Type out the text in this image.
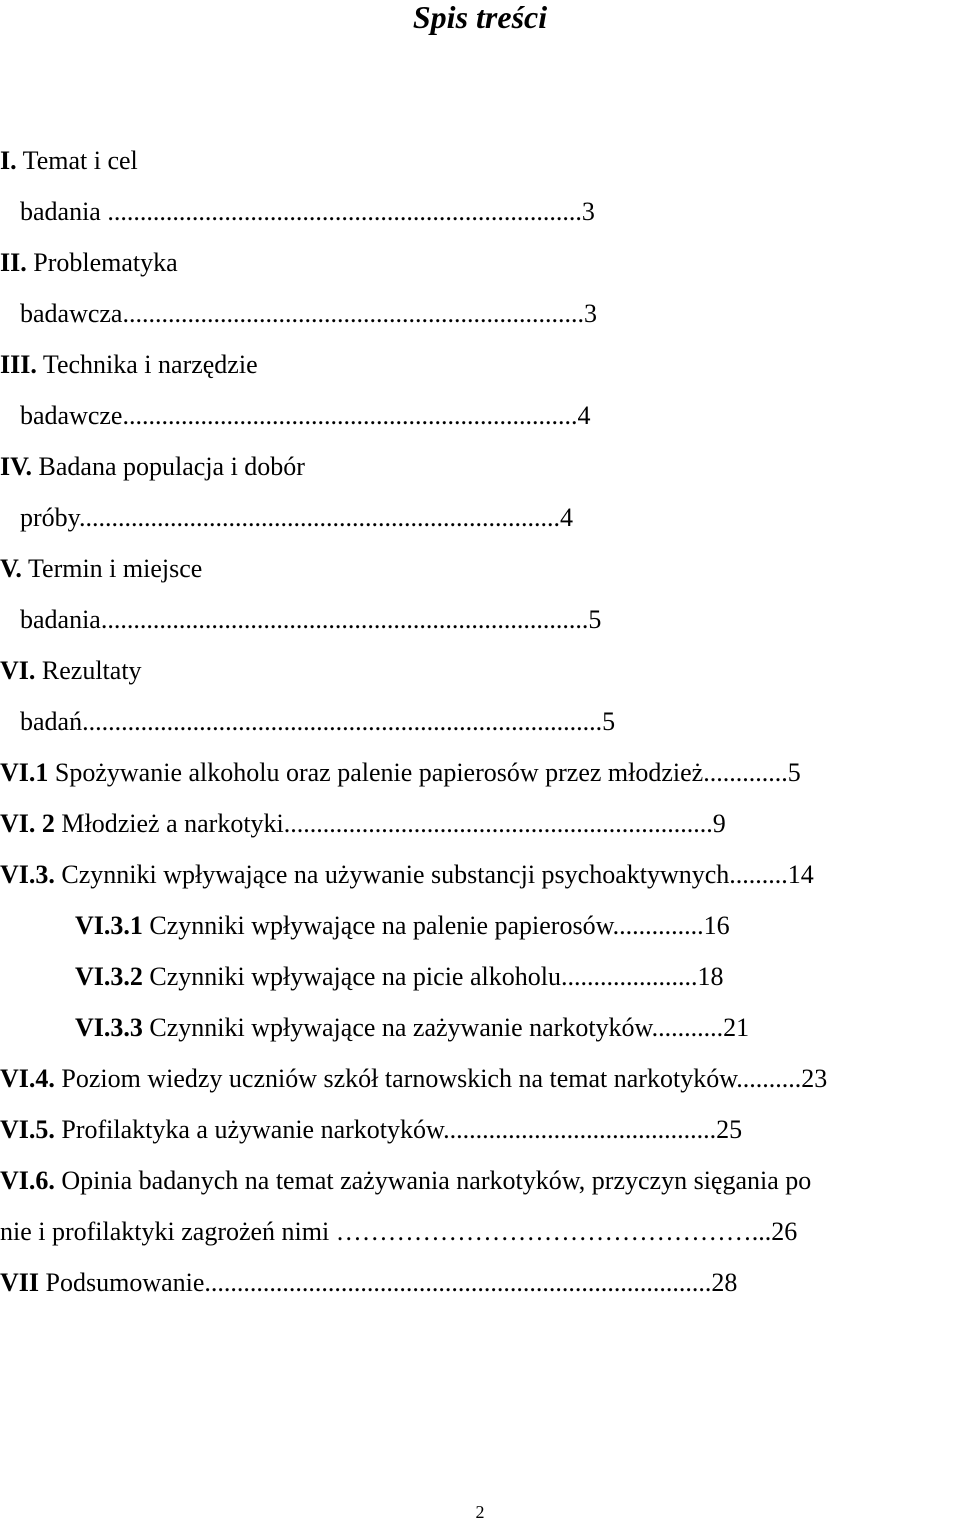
Spis treści
I. Temat i cel
badania .........................................................................3
II. Problematyka
badawcza.......................................................................3
III. Technika i narzędzie
badawcze......................................................................4
IV. Badana populacja i dobór
próby..........................................................................4
V. Termin i miejsce
badania...........................................................................5
VI. Rezultaty
badań................................................................................5
VI.1 Spożywanie alkoholu oraz palenie papierosów przez młodzież.............5
VI. 2 Młodzież a narkotyki..................................................................9
VI.3. Czynniki wpływające na używanie substancji psychoaktywnych.........14
VI.3.1 Czynniki wpływające na palenie papierosów..............16
VI.3.2 Czynniki wpływające na picie alkoholu.....................18
VI.3.3 Czynniki wpływające na zażywanie narkotyków...........21
VI.4. Poziom wiedzy uczniów szkół tarnowskich na temat narkotyków..........23
VI.5. Profilaktyka a używanie narkotyków..........................................25
VI.6. Opinia badanych na temat zażywania narkotyków, przyczyn sięgania po
nie i profilaktyki zagrożeń nimi …………………………………………...26
VII Podsumowanie..............................................................................28
2
